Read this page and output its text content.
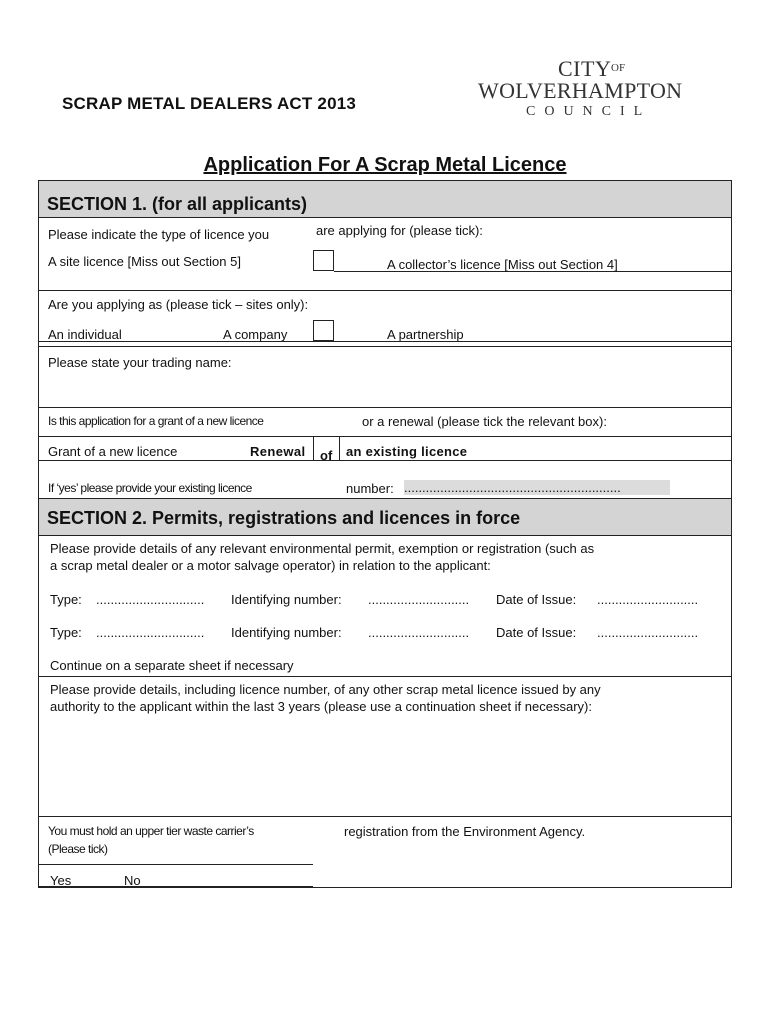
SCRAP METAL DEALERS ACT 2013
CITY OF
WOLVERHAMPTON
COUNCIL
Application For A Scrap Metal Licence
SECTION 1. (for all applicants)
Please indicate the type of licence you	are applying for (please tick):
A site licence [Miss out Section 5]	A collector’s licence [Miss out Section 4]
Are you applying as (please tick – sites only):
An individual	A company	A partnership
Please state your trading name:
Is this application for a grant of a new licence	or a renewal (please tick the relevant box):
Grant of a new licence	Renewal of an existing licence
If ‘yes’ please provide your existing licence	number: ............................................................
SECTION 2. Permits, registrations and licences in force
Please provide details of any relevant environmental permit, exemption or registration (such as
a scrap metal dealer or a motor salvage operator) in relation to the applicant:
Type: .............................. Identifying number: ............................ Date of Issue: ............................
Type: .............................. Identifying number: ............................ Date of Issue: ............................
Continue on a separate sheet if necessary
Please provide details, including licence number, of any other scrap metal licence issued by any
authority to the applicant within the last 3 years (please use a continuation sheet if necessary):
You must hold an upper tier waste carrier’s	registration from the Environment Agency.
(Please tick)
Yes	No
